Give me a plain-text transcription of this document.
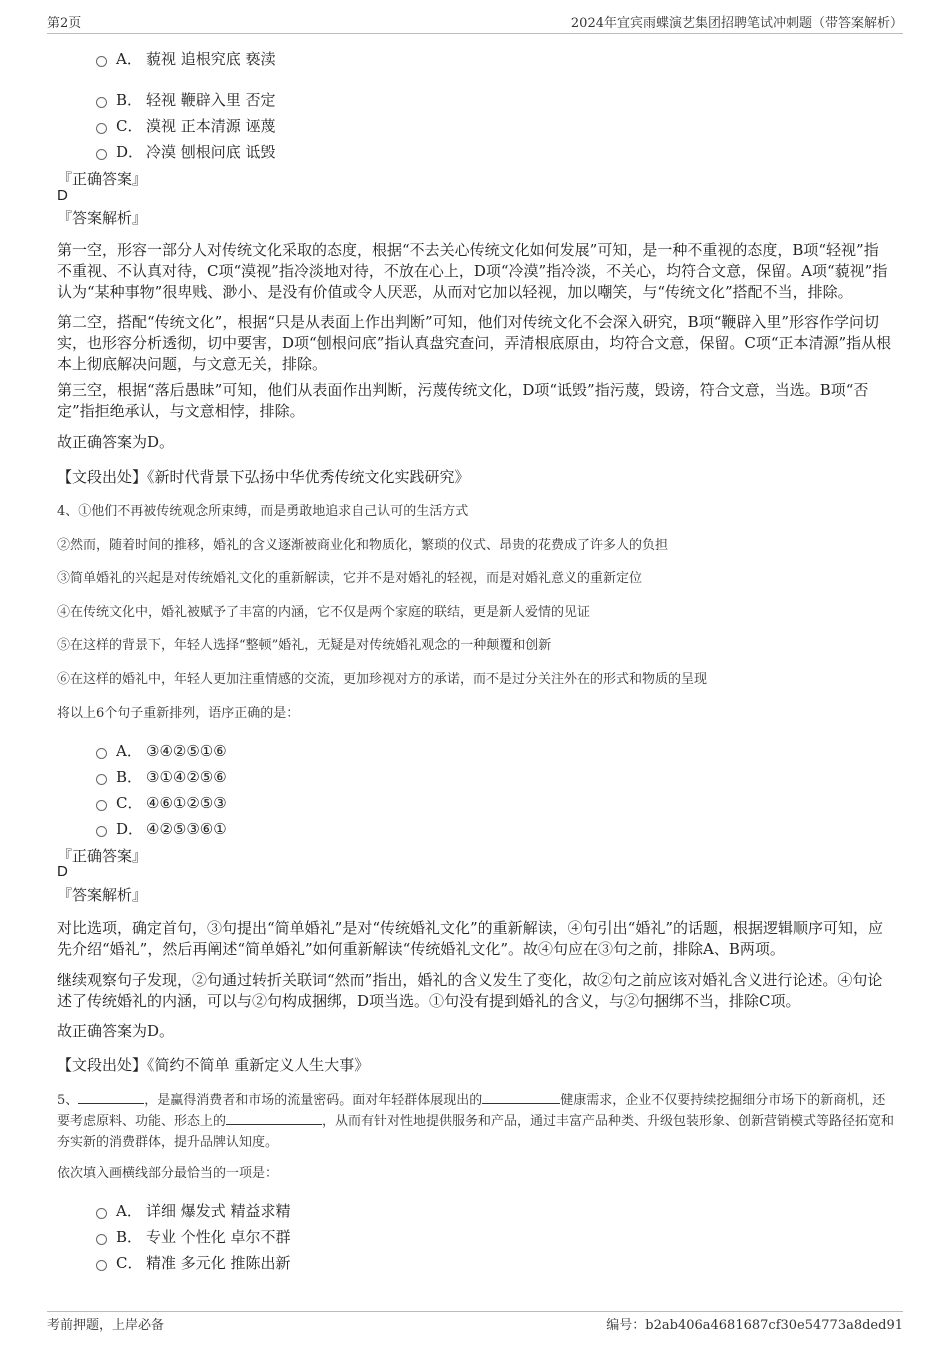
第2页	2024年宜宾雨蝶演艺集团招聘笔试冲刺题（带答案解析）
A． 藐视 追根究底 亵渎
B． 轻视 鞭辟入里 否定
C． 漠视 正本清源 诬蔑
D． 冷漠 刨根问底 诋毁
『正确答案』
D
『答案解析』
第一空，形容一部分人对传统文化采取的态度，根据“不去关心传统文化如何发展”可知，是一种不重视的态度，B项“轻视”指不重视、不认真对待，C项“漠视”指冷淡地对待，不放在心上，D项“冷漠”指冷淡，不关心，均符合文意，保留。A项“藐视”指认为“某种事物”很卑贱、渺小、是没有价值或令人厌恶，从而对它加以轻视，加以嘲笑，与“传统文化”搭配不当，排除。
第二空，搭配“传统文化”，根据“只是从表面上作出判断”可知，他们对传统文化不会深入研究，B项“鞭辟入里”形容作学问切实，也形容分析透彻，切中要害，D项“刨根问底”指认真盘究查问，弄清根底原由，均符合文意，保留。C项“正本清源”指从根本上彻底解决问题，与文意无关，排除。
第三空，根据“落后愚昧”可知，他们从表面作出判断，污蔑传统文化，D项“诋毁”指污蔑，毁谤，符合文意，当选。B项“否定”指拒绝承认，与文意相悖，排除。
故正确答案为D。
【文段出处】《新时代背景下弘扬中华优秀传统文化实践研究》
4、①他们不再被传统观念所束缚，而是勇敢地追求自己认可的生活方式
②然而，随着时间的推移，婚礼的含义逐渐被商业化和物质化，繁琐的仪式、昂贵的花费成了许多人的负担
③简单婚礼的兴起是对传统婚礼文化的重新解读，它并不是对婚礼的轻视，而是对婚礼意义的重新定位
④在传统文化中，婚礼被赋予了丰富的内涵，它不仅是两个家庭的联结，更是新人爱情的见证
⑤在这样的背景下，年轻人选择“整顿”婚礼，无疑是对传统婚礼观念的一种颠覆和创新
⑥在这样的婚礼中，年轻人更加注重情感的交流，更加珍视对方的承诺，而不是过分关注外在的形式和物质的呈现
将以上6个句子重新排列，语序正确的是：
A． ③④②⑤①⑥
B． ③①④②⑤⑥
C． ④⑥①②⑤③
D． ④②⑤③⑥①
『正确答案』
D
『答案解析』
对比选项，确定首句，③句提出“简单婚礼”是对“传统婚礼文化”的重新解读，④句引出“婚礼”的话题，根据逻辑顺序可知，应先介绍“婚礼”，然后再阐述“简单婚礼”如何重新解读“传统婚礼文化”。故④句应在③句之前，排除A、B两项。
继续观察句子发现，②句通过转折关联词“然而”指出，婚礼的含义发生了变化，故②句之前应该对婚礼含义进行论述。④句论述了传统婚礼的内涵，可以与②句构成捆绑，D项当选。①句没有提到婚礼的含义，与②句捆绑不当，排除C项。
故正确答案为D。
【文段出处】《简约不简单 重新定义人生大事》
5、	，是赢得消费者和市场的流量密码。面对年轻群体展现出的	健康需求，企业不仅要持续挖掘细分市场下的新商机，还要考虑原料、功能、形态上的	，从而有针对性地提供服务和产品，通过丰富产品种类、升级包装形象、创新营销模式等路径拓宽和夯实新的消费群体，提升品牌认知度。
依次填入画横线部分最恰当的一项是：
A． 详细 爆发式 精益求精
B． 专业 个性化 卓尔不群
C． 精准 多元化 推陈出新
考前押题，上岸必备	编号：b2ab406a4681687cf30e54773a8ded91
